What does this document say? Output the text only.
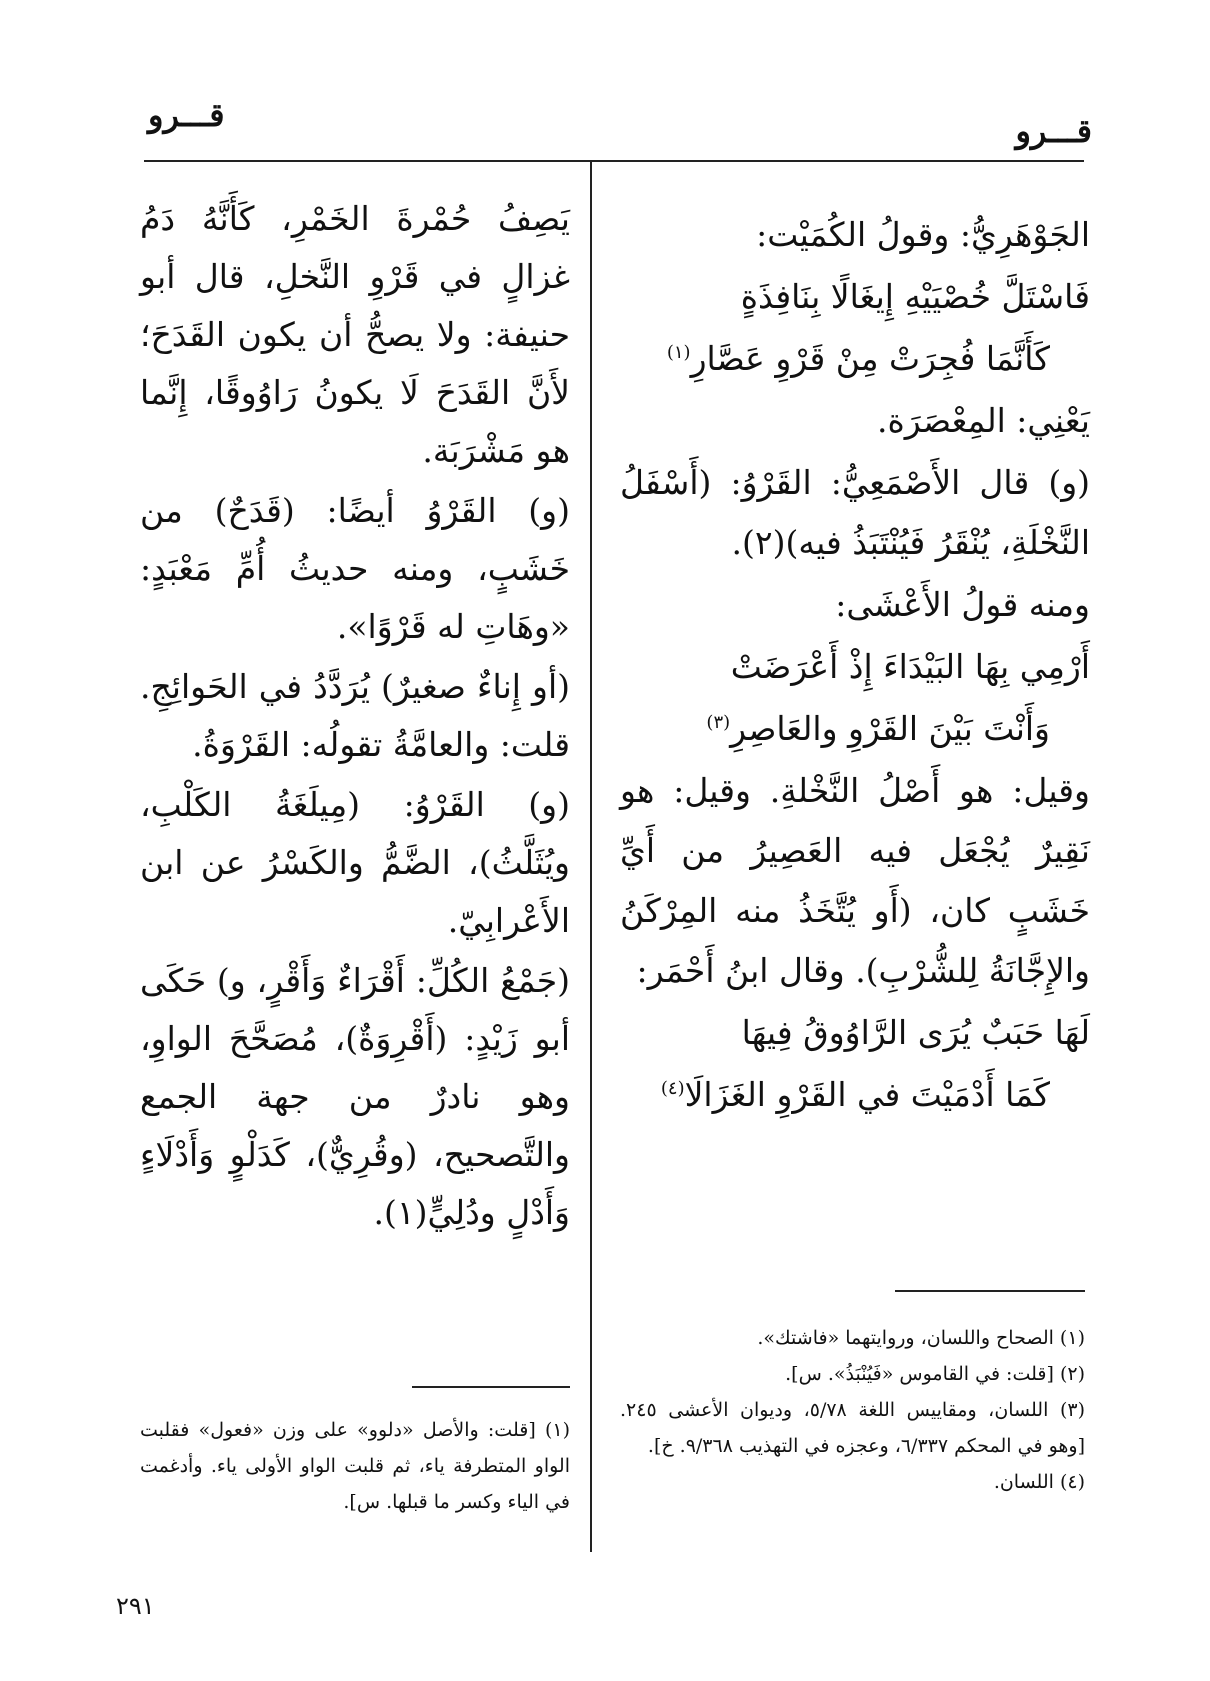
قـــرو	قـــرو

الجَوْهَرِيُّ: وقولُ الكُمَيْت:

فَاسْتَلَّ خُصْيَيْهِ إِيغَالًا بِنَافِذَةٍ

كَأَنَّمَا فُجِرَتْ مِنْ قَرْوِ عَصَّارِ$^{(١)}$

يَعْنِي: المِعْصَرَة.

(و) قال الأَصْمَعِيُّ: القَرْوُ: (أَسْفَلُ النَّخْلَةِ، يُنْقَرُ فَيُنْتَبَذُ فيه)(٢).

ومنه قولُ الأَعْشَى:

أَرْمِي بِهَا البَيْدَاءَ إِذْ أَعْرَضَتْ

وَأَنْتَ بَيْنَ القَرْوِ والعَاصِرِ$^{(٣)}$

وقيل: هو أَصْلُ النَّخْلةِ. وقيل: هو نَقِيرٌ يُجْعَل فيه العَصِيرُ من أَيِّ خَشَبٍ كان، (أَو يُتَّخَذُ منه المِرْكَنُ والإِجَّانَةُ لِلشُّرْبِ). وقال ابنُ أَحْمَر:

لَهَا حَبَبٌ يُرَى الرَّاوُوقُ فِيهَا

كَمَا أَدْمَيْتَ في القَرْوِ الغَزَالَا$^{(٤)}$

يَصِفُ حُمْرةَ الخَمْرِ، كَأَنَّهُ دَمُ غزالٍ في قَرْوِ النَّخلِ، قال أبو حنيفة: ولا يصحُّ أن يكون القَدَحَ؛ لأَنَّ القَدَحَ لَا يكونُ رَاوُوقًا، إِنَّما هو مَشْرَبَة.

(و) القَرْوُ أيضًا: (قَدَحٌ) من خَشَبٍ، ومنه حديثُ أُمِّ مَعْبَدٍ: «وهَاتِ له قَرْوًا».

(أو إِناءٌ صغيرٌ) يُرَدَّدُ في الحَوائِجِ. قلت: والعامَّةُ تقولُه: القَرْوَةُ.

(و) القَرْوُ: (مِيلَغَةُ الكَلْبِ، ويُثَلَّثُ)، الضَّمُّ والكَسْرُ عن ابن الأَعْرابِيّ.

(جَمْعُ الكُلِّ: أَقْرَاءٌ وَأَقْرٍ، و) حَكَى أبو زَيْدٍ: (أَقْرِوَةٌ)، مُصَحَّحَ الواوِ، وهو نادرٌ من جهة الجمع والتَّصحيح، (وقُرِيٌّ)، كَدَلْوٍ وَأَدْلَاءٍ وَأَدْلٍ ودُلِيٍّ(١).

(١) الصحاح واللسان، وروايتهما «فاشتك».

(٢) [قلت: في القاموس «فَيُنْبَذُ». س].

(٣) اللسان، ومقاييس اللغة ٥/٧٨، وديوان الأعشى ٢٤٥. [وهو في المحكم ٦/٣٣٧، وعجزه في التهذيب ٩/٣٦٨. خ].

(٤) اللسان.

(١) [قلت: والأصل «دلوو» على وزن «فعول» فقلبت الواو المتطرفة ياء، ثم قلبت الواو الأولى ياء. وأدغمت في الياء وكسر ما قبلها. س].

٢٩١
